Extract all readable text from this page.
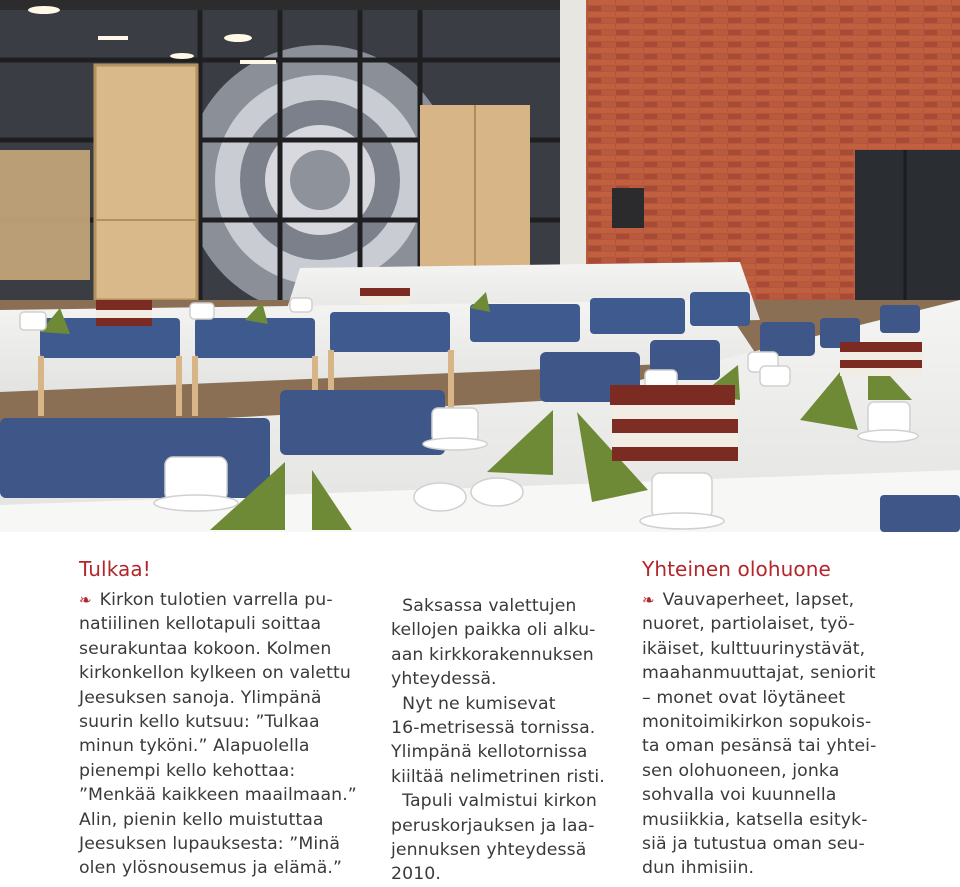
Tulkaa!
❧ Kirkon tulotien varrella pu-
natiilinen kellotapuli soittaa
seurakuntaa kokoon. Kolmen
kirkonkellon kylkeen on valettu
Jeesuksen sanoja. Ylimpänä
suurin kello kutsuu: ”Tulkaa
minun tyköni.” Alapuolella
pienempi kello kehottaa:
”Menkää kaikkeen maailmaan.”
Alin, pienin kello muistuttaa
Jeesuksen lupauksesta: ”Minä
olen ylösnousemus ja elämä.”
Saksassa valettujen
kellojen paikka oli alku-
aan kirkkorakennuksen
yhteydessä.
Nyt ne kumisevat
16-metrisessä tornissa.
Ylimpänä kellotornissa
kiiltää nelimetrinen risti.
Tapuli valmistui kirkon
peruskorjauksen ja laa-
jennuksen yhteydessä
2010.
Yhteinen olohuone
❧ Vauvaperheet, lapset,
nuoret, partiolaiset, työ-
ikäiset, kulttuurinystävät,
maahanmuuttajat, seniorit
– monet ovat löytäneet
monitoimikirkon sopukois-
ta oman pesänsä tai yhtei-
sen olohuoneen, jonka
sohvalla voi kuunnella
musiikkia, katsella esityk-
siä ja tutustua oman seu-
dun ihmisiin.
